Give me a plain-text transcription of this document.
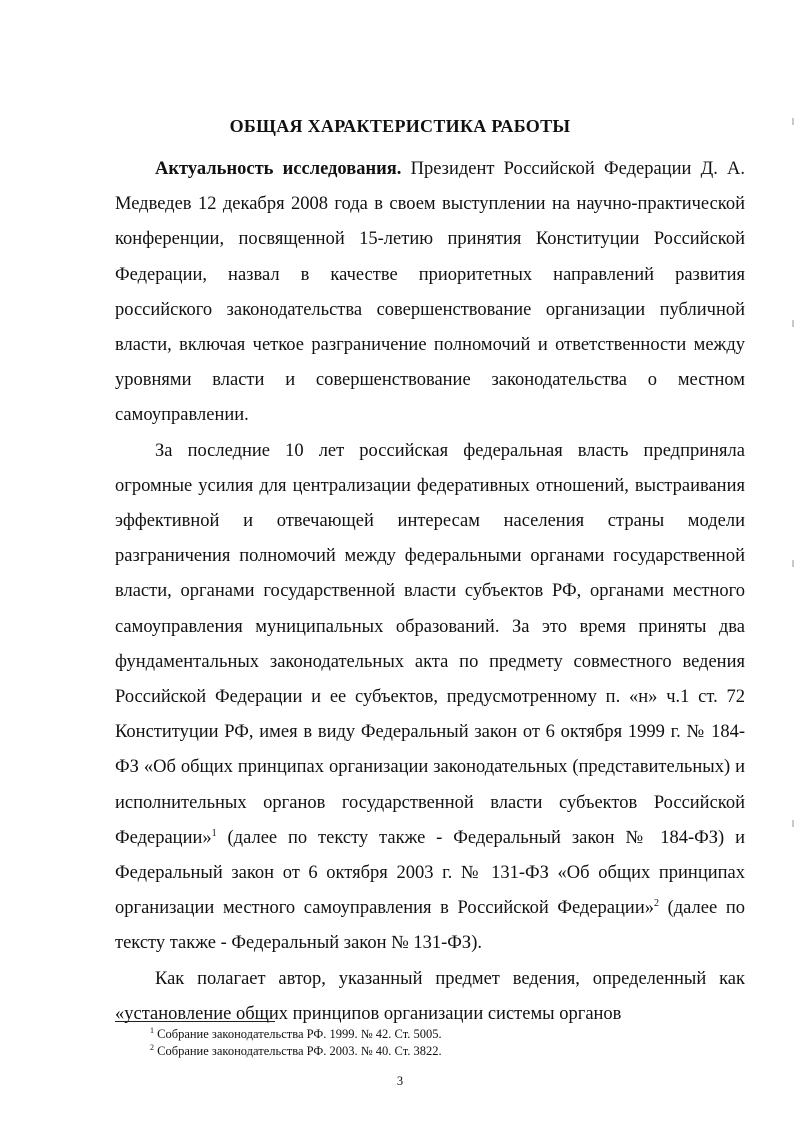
ОБЩАЯ ХАРАКТЕРИСТИКА РАБОТЫ

Актуальность исследования. Президент Российской Федерации Д. А. Медведев 12 декабря 2008 года в своем выступлении на научно-практической конференции, посвященной 15-летию принятия Конституции Российской Федерации, назвал в качестве приоритетных направлений развития российского законодательства совершенствование организации публичной власти, включая четкое разграничение полномочий и ответственности между уровнями власти и совершенствование законодательства о местном самоуправлении.

За последние 10 лет российская федеральная власть предприняла огромные усилия для централизации федеративных отношений, выстраивания эффективной и отвечающей интересам населения страны модели разграничения полномочий между федеральными органами государственной власти, органами государственной власти субъектов РФ, органами местного самоуправления муниципальных образований. За это время приняты два фундаментальных законодательных акта по предмету совместного ведения Российской Федерации и ее субъектов, предусмотренному п. «н» ч.1 ст. 72 Конституции РФ, имея в виду Федеральный закон от 6 октября 1999 г. № 184-ФЗ «Об общих принципах организации законодательных (представительных) и исполнительных органов государственной власти субъектов Российской Федерации»$^1$ (далее по тексту также - Федеральный закон № 184-ФЗ) и Федеральный закон от 6 октября 2003 г. № 131-ФЗ «Об общих принципах организации местного самоуправления в Российской Федерации»$^2$ (далее по тексту также - Федеральный закон № 131-ФЗ).

Как полагает автор, указанный предмет ведения, определенный как «установление общих принципов организации системы органов

$^1$ Собрание законодательства РФ. 1999. № 42. Ст. 5005.
$^2$ Собрание законодательства РФ. 2003. № 40. Ст. 3822.
3
